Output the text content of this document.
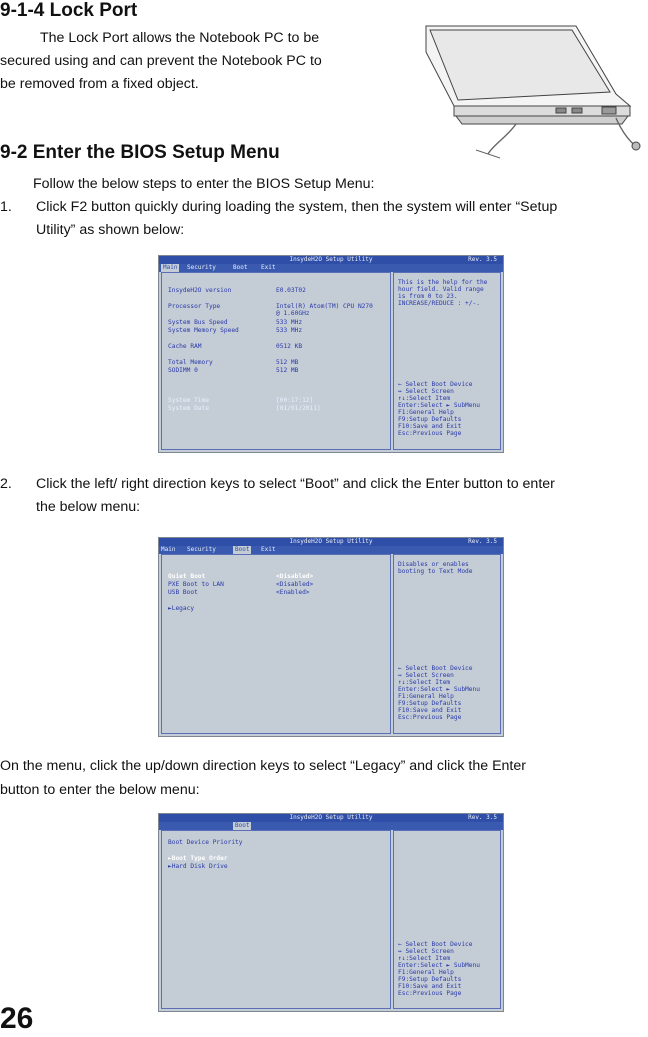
9-1-4 Lock Port
The Lock Port allows the Notebook PC to be
secured using and can prevent the Notebook PC to
be removed from a fixed object.
9-2 Enter the BIOS Setup Menu
Follow the below steps to enter the BIOS Setup Menu:
1. Click F2 button quickly during loading the system, then the system will enter “Setup
Utility” as shown below:
InsydeH2O Setup Utility	Rev. 3.5
Main	Security	Boot Exit
InsydeH2O version	E0.03T02
Processor Type	Intel(R) Atom(TM) CPU N270
@ 1.60GHz
System Bus Speed	533 MHz
System Memory Speed	533 MHz
Cache RAM	0512 KB
Total Memory	512 MB
SODIMM 0	512 MB
System Time	[00:17:12]
System Date	[01/01/2011]
This is the help for the
hour field. Valid range
is from 0 to 23.
INCREASE/REDUCE : +/-.
← Select Boot Device
↔ Select Screen
↑↓:Select Item
Enter:Select ► SubMenu
F1:General Help
F9:Setup Defaults
F10:Save and Exit
Esc:Previous Page
2. Click the left/ right direction keys to select “Boot” and click the Enter button to enter
the below menu:
InsydeH2O Setup Utility	Rev. 3.5
Main Security	Boot	Exit
Quiet Boot	<Disabled>
PXE Boot to LAN	<Disabled>
USB Boot	<Enabled>
►Legacy
Disables or enables
booting to Text Mode
← Select Boot Device
↔ Select Screen
↑↓:Select Item
Enter:Select ► SubMenu
F1:General Help
F9:Setup Defaults
F10:Save and Exit
Esc:Previous Page
On the menu, click the up/down direction keys to select “Legacy” and click the Enter
button to enter the below menu:
InsydeH2O Setup Utility	Rev. 3.5
Boot
Boot Device Priority
►Boot Type Order
►Hard Disk Drive
← Select Boot Device
↔ Select Screen
↑↓:Select Item
Enter:Select ► SubMenu
F1:General Help
F9:Setup Defaults
F10:Save and Exit
Esc:Previous Page
26
